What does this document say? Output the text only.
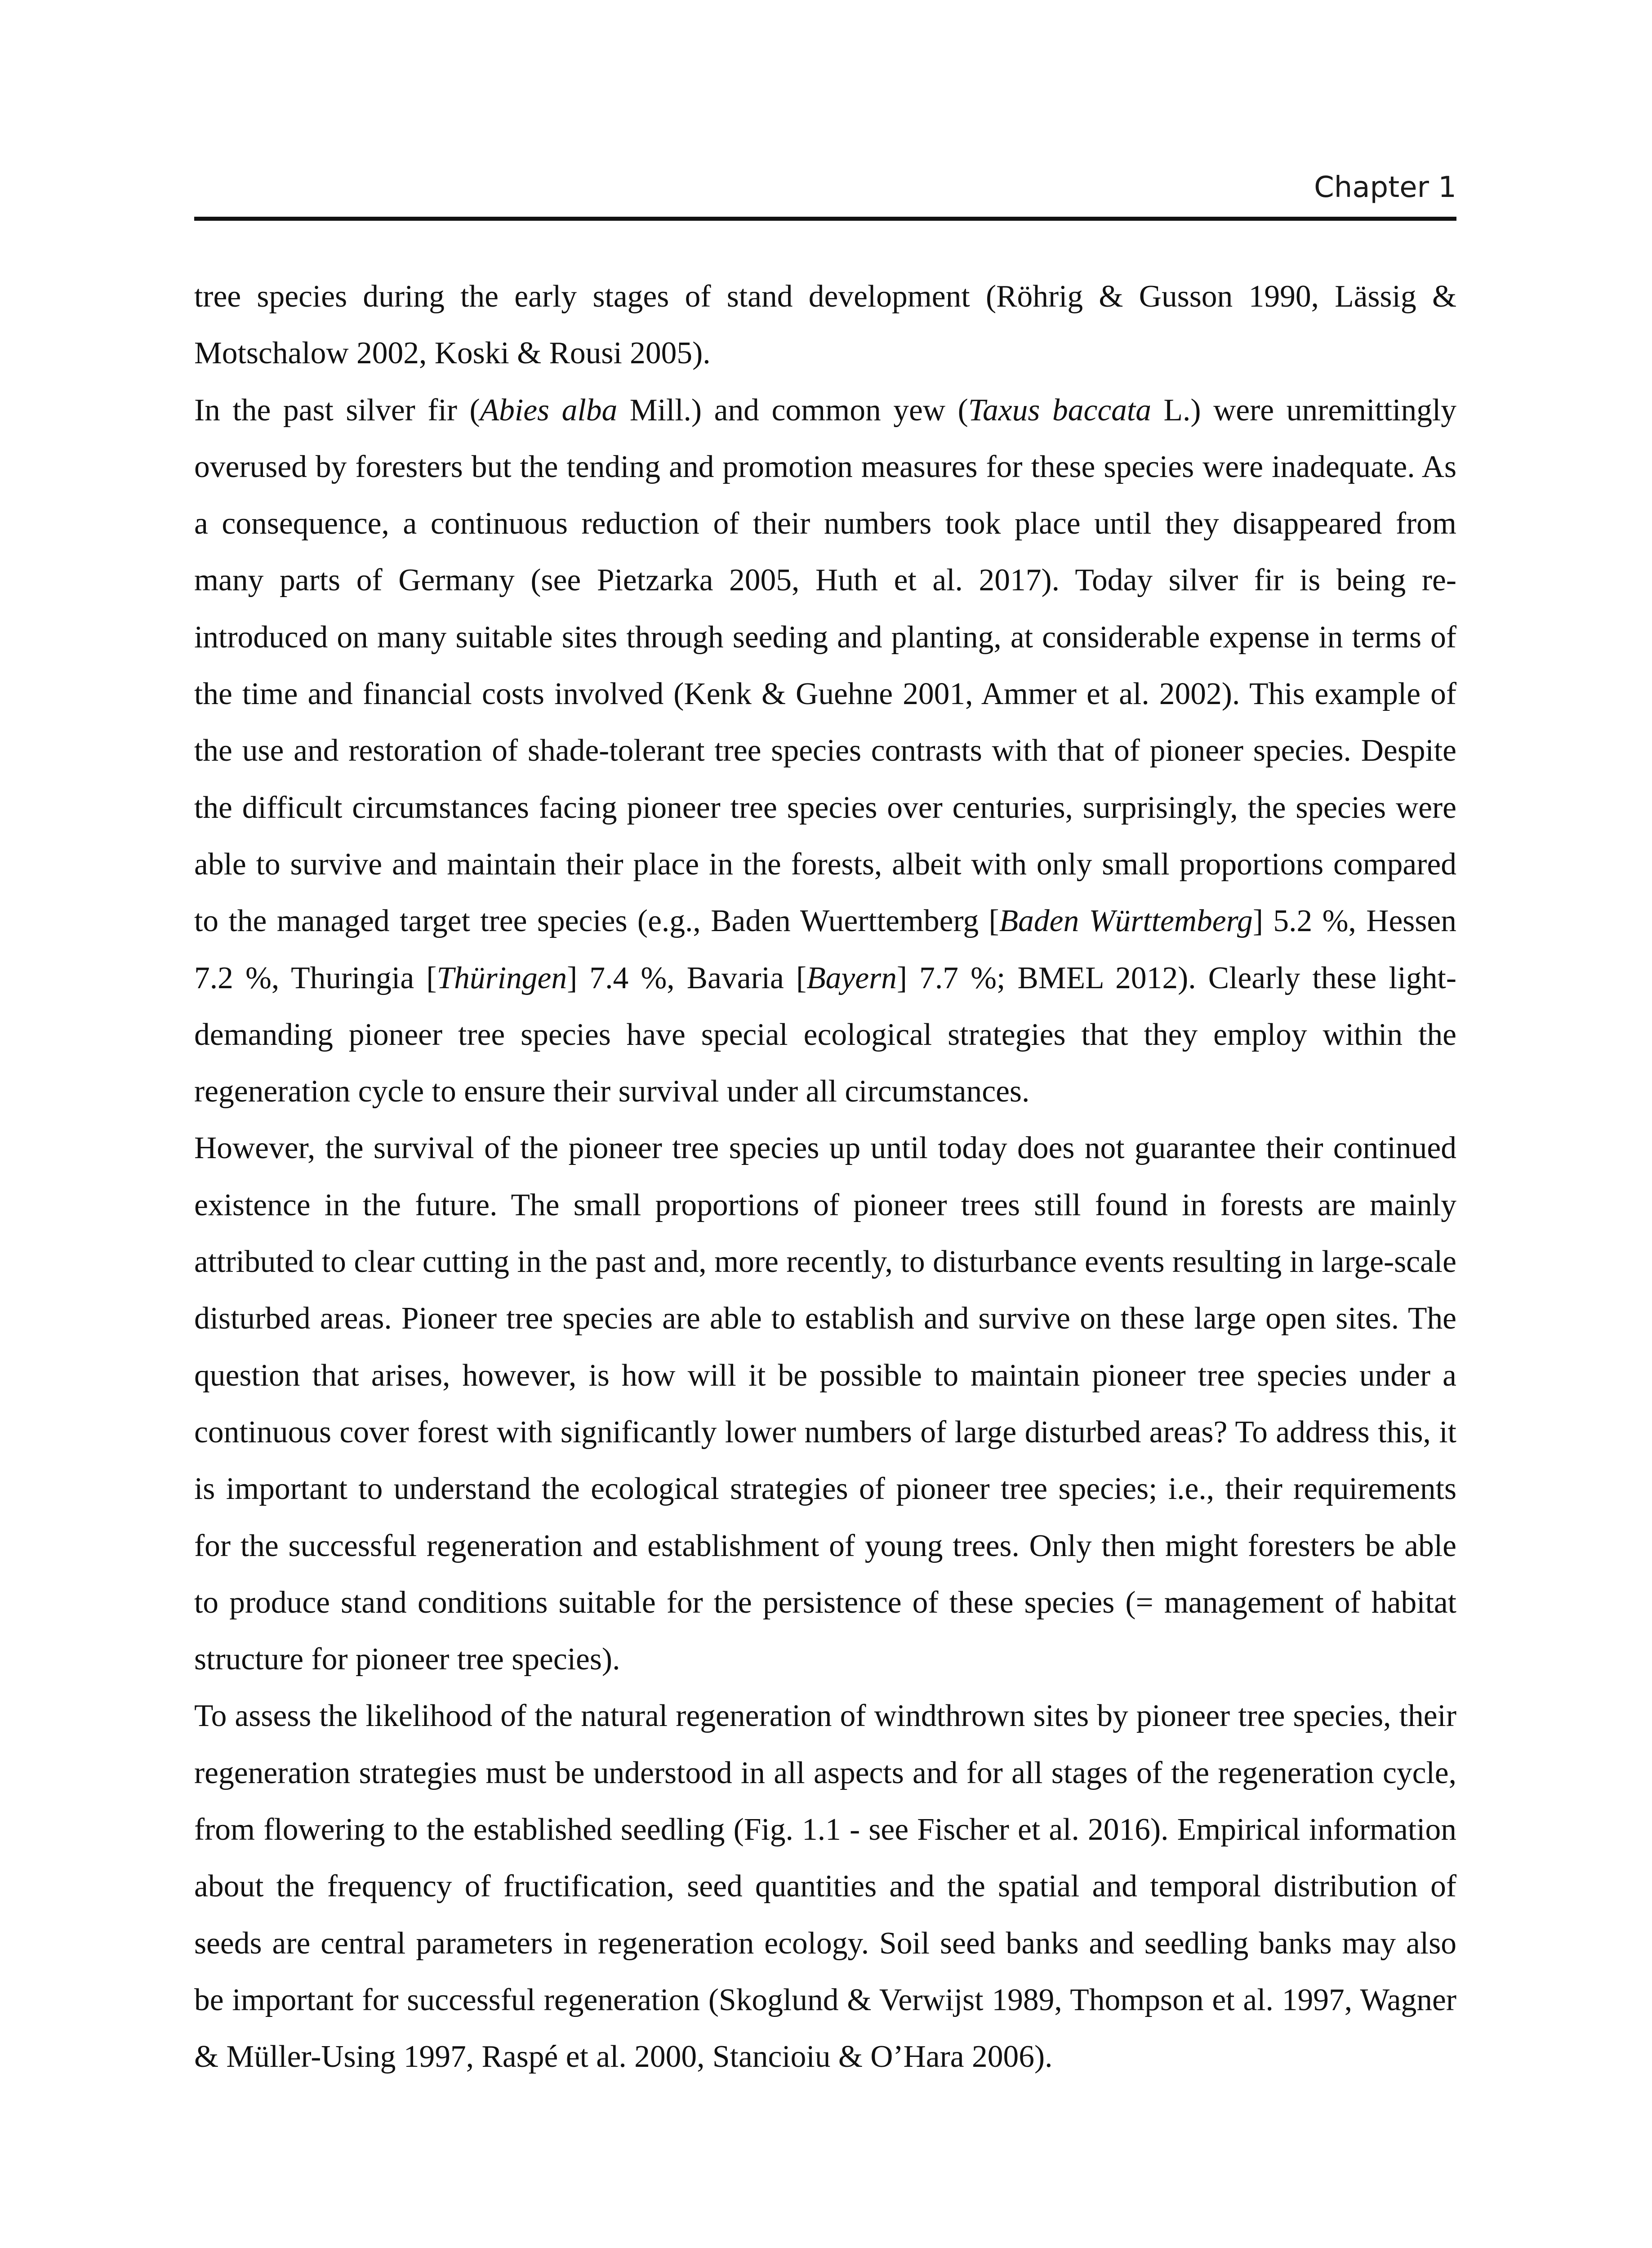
Chapter 1

tree species during the early stages of stand development (Röhrig & Gusson 1990, Lässig & Motschalow 2002, Koski & Rousi 2005).

In the past silver fir (Abies alba Mill.) and common yew (Taxus baccata L.) were unremittingly overused by foresters but the tending and promotion measures for these species were inadequate. As a consequence, a continuous reduction of their numbers took place until they disappeared from many parts of Germany (see Pietzarka 2005, Huth et al. 2017). Today silver fir is being re-introduced on many suitable sites through seeding and planting, at considerable expense in terms of the time and financial costs involved (Kenk & Guehne 2001, Ammer et al. 2002). This example of the use and restoration of shade-tolerant tree species contrasts with that of pioneer species. Despite the difficult circumstances facing pioneer tree species over centuries, surprisingly, the species were able to survive and maintain their place in the forests, albeit with only small proportions compared to the managed target tree species (e.g., Baden Wuerttemberg [Baden Württemberg] 5.2 %, Hessen 7.2 %, Thuringia [Thüringen] 7.4 %, Bavaria [Bayern] 7.7 %; BMEL 2012). Clearly these light-demanding pioneer tree species have special ecological strategies that they employ within the regeneration cycle to ensure their survival under all circumstances.

However, the survival of the pioneer tree species up until today does not guarantee their continued existence in the future. The small proportions of pioneer trees still found in forests are mainly attributed to clear cutting in the past and, more recently, to disturbance events resulting in large-scale disturbed areas. Pioneer tree species are able to establish and survive on these large open sites. The question that arises, however, is how will it be possible to maintain pioneer tree species under a continuous cover forest with significantly lower numbers of large disturbed areas? To address this, it is important to understand the ecological strategies of pioneer tree species; i.e., their requirements for the successful regeneration and establishment of young trees. Only then might foresters be able to produce stand conditions suitable for the persistence of these species (= management of habitat structure for pioneer tree species).

To assess the likelihood of the natural regeneration of windthrown sites by pioneer tree species, their regeneration strategies must be understood in all aspects and for all stages of the regeneration cycle, from flowering to the established seedling (Fig. 1.1 - see Fischer et al. 2016). Empirical information about the frequency of fructification, seed quantities and the spatial and temporal distribution of seeds are central parameters in regeneration ecology. Soil seed banks and seedling banks may also be important for successful regeneration (Skoglund & Verwijst 1989, Thompson et al. 1997, Wagner & Müller-Using 1997, Raspé et al. 2000, Stancioiu & O’Hara 2006).
